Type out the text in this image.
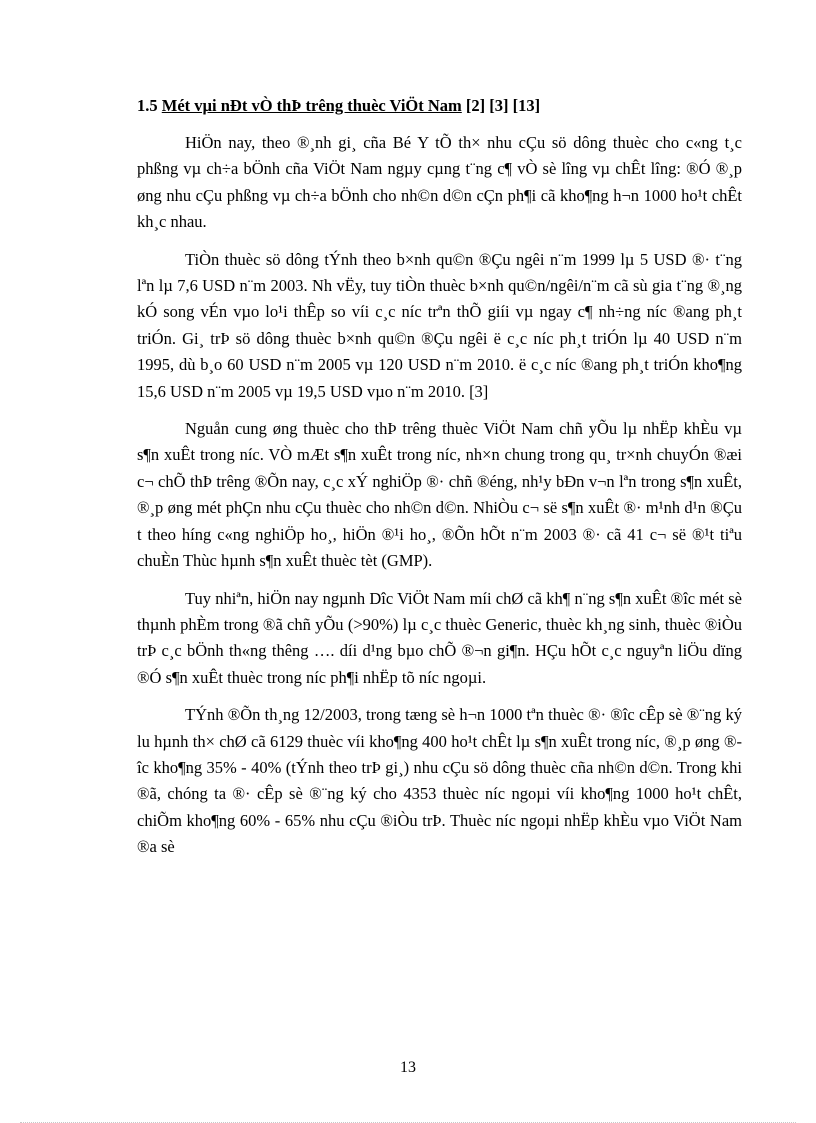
1.5 Mét vµi nÐt vÒ thÞ trêng thuèc ViÖt Nam [2] [3] [13]

HiÖn nay, theo ®¸nh gi¸ cña Bé Y tÕ th× nhu cÇu sö dông thuèc cho c«ng t¸c phßng vµ ch÷a bÖnh cña ViÖt Nam ngµy cµng t¨ng c¶ vÒ sè lîng vµ chÊt lîng: ®Ó ®¸p øng nhu cÇu phßng vµ ch÷a bÖnh cho nh©n d©n cÇn ph¶i cã kho¶ng h¬n 1000 ho¹t chÊt kh¸c nhau.

TiÒn thuèc sö dông tÝnh theo b×nh qu©n ®Çu ngêi n¨m 1999 lµ 5 USD ®· t¨ng lªn lµ 7,6 USD n¨m 2003. Nh vËy, tuy tiÒn thuèc b×nh qu©n/ngêi/n¨m cã sù gia t¨ng ®¸ng kÓ song vÉn vµo lo¹i thÊp so víi c¸c níc trªn thÕ giíi vµ ngay c¶ nh÷ng níc ®ang ph¸t triÓn. Gi¸ trÞ sö dông thuèc b×nh qu©n ®Çu ngêi ë c¸c níc ph¸t triÓn lµ 40 USD n¨m 1995, dù b¸o 60 USD n¨m 2005 vµ 120 USD n¨m 2010. ë c¸c níc ®ang ph¸t triÓn kho¶ng 15,6 USD n¨m 2005 vµ 19,5 USD vµo n¨m 2010. [3]

Nguån cung øng thuèc cho thÞ trêng thuèc ViÖt Nam chñ yÕu lµ nhËp khÈu vµ s¶n xuÊt trong níc. VÒ mÆt s¶n xuÊt trong níc, nh×n chung trong qu¸ tr×nh chuyÓn ®æi c¬ chÕ thÞ trêng ®Õn nay, c¸c xÝ nghiÖp ®· chñ ®éng, nh¹y bÐn v¬n lªn trong s¶n xuÊt, ®¸p øng mét phÇn nhu cÇu thuèc cho nh©n d©n. NhiÒu c¬ së s¶n xuÊt ®· m¹nh d¹n ®Çu t theo híng c«ng nghiÖp ho¸, hiÖn ®¹i ho¸, ®Õn hÕt n¨m 2003 ®· cã 41 c¬ së ®¹t tiªu chuÈn Thùc hµnh s¶n xuÊt thuèc tèt (GMP).

Tuy nhiªn, hiÖn nay ngµnh Dîc ViÖt Nam míi chØ cã kh¶ n¨ng s¶n xuÊt ®îc mét sè thµnh phÈm trong ®ã chñ yÕu (>90%) lµ c¸c thuèc Generic, thuèc kh¸ng sinh, thuèc ®iÒu trÞ c¸c bÖnh th«ng thêng …. díi d¹ng bµo chÕ ®¬n gi¶n. HÇu hÕt c¸c nguyªn liÖu dïng ®Ó s¶n xuÊt thuèc trong níc ph¶i nhËp tõ níc ngoµi.

TÝnh ®Õn th¸ng 12/2003, trong tæng sè h¬n 1000 tªn thuèc ®· ®îc cÊp sè ®¨ng ký lu hµnh th× chØ cã 6129 thuèc víi kho¶ng 400 ho¹t chÊt lµ s¶n xuÊt trong níc, ®¸p øng ®îc kho¶ng 35% - 40% (tÝnh theo trÞ gi¸) nhu cÇu sö dông thuèc cña nh©n d©n. Trong khi ®ã, chóng ta ®· cÊp sè ®¨ng ký cho 4353 thuèc níc ngoµi víi kho¶ng 1000 ho¹t chÊt, chiÕm kho¶ng 60% - 65% nhu cÇu ®iÒu trÞ. Thuèc níc ngoµi nhËp khÈu vµo ViÖt Nam ®a sè

13
